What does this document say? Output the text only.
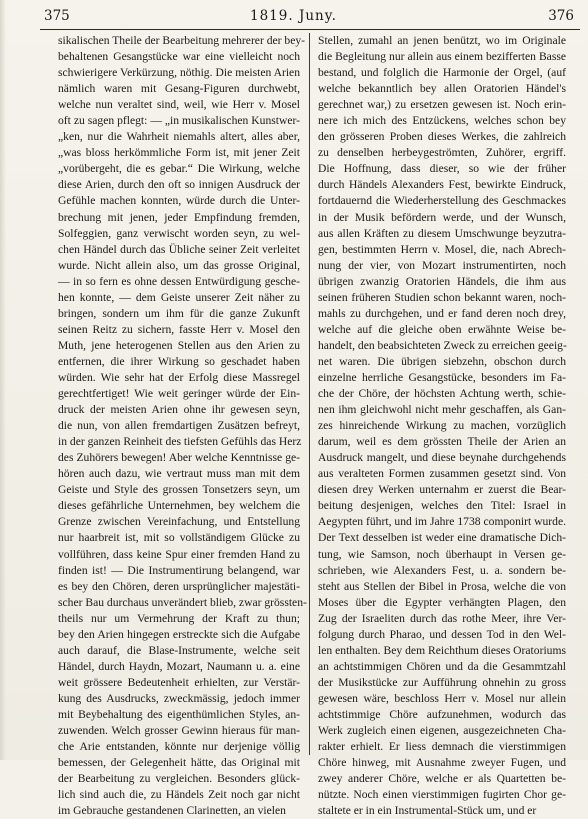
375	1819. Juny.	376
sikalischen Theile der Bearbeitung mehrerer der bey-
behaltenen Gesangstücke war eine vielleicht noch
schwierigere Verkürzung, nöthig. Die meisten Arien
nämlich waren mit Gesang-Figuren durchwebt,
welche nun veraltet sind, weil, wie Herr v. Mosel
oft zu sagen pflegt: — „in musikalischen Kunstwer-
„ken, nur die Wahrheit niemahls altert, alles aber,
„was bloss herkömmliche Form ist, mit jener Zeit
„vorübergeht, die es gebar.“ Die Wirkung, welche
diese Arien, durch den oft so innigen Ausdruck der
Gefühle machen konnten, würde durch die Unter-
brechung mit jenen, jeder Empfindung fremden,
Solfeggien, ganz verwischt worden seyn, zu wel-
chen Händel durch das Übliche seiner Zeit verleitet
wurde. Nicht allein also, um das grosse Original,
— in so fern es ohne dessen Entwürdigung gesche-
hen konnte, — dem Geiste unserer Zeit näher zu
bringen, sondern um ihm für die ganze Zukunft
seinen Reitz zu sichern, fasste Herr v. Mosel den
Muth, jene heterogenen Stellen aus den Arien zu
entfernen, die ihrer Wirkung so geschadet haben
würden. Wie sehr hat der Erfolg diese Massregel
gerechtfertiget! Wie weit geringer würde der Ein-
druck der meisten Arien ohne ihr gewesen seyn,
die nun, von allen fremdartigen Zusätzen befreyt,
in der ganzen Reinheit des tiefsten Gefühls das Herz
des Zuhörers bewegen! Aber welche Kenntnisse ge-
hören auch dazu, wie vertraut muss man mit dem
Geiste und Style des grossen Tonsetzers seyn, um
dieses gefährliche Unternehmen, bey welchem die
Grenze zwischen Vereinfachung, und Entstellung
nur haarbreit ist, mit so vollständigem Glücke zu
vollführen, dass keine Spur einer fremden Hand zu
finden ist! — Die Instrumentirung belangend, war
es bey den Chören, deren ursprünglicher majestäti-
scher Bau durchaus unverändert blieb, zwar grössten-
theils nur um Vermehrung der Kraft zu thun;
bey den Arien hingegen erstreckte sich die Aufgabe
auch darauf, die Blase-Instrumente, welche seit
Händel, durch Haydn, Mozart, Naumann u. a. eine
weit grössere Bedeutenheit erhielten, zur Verstär-
kung des Ausdrucks, zweckmässig, jedoch immer
mit Beybehaltung des eigenthümlichen Styles, an-
zuwenden. Welch grosser Gewinn hieraus für man-
che Arie entstanden, könnte nur derjenige völlig
bemessen, der Gelegenheit hätte, das Original mit
der Bearbeitung zu vergleichen. Besonders glück-
lich sind auch die, zu Händels Zeit noch gar nicht
im Gebrauche gestandenen Clarinetten, an vielen
Stellen, zumahl an jenen benützt, wo im Originale
die Begleitung nur allein aus einem bezifferten Basse
bestand, und folglich die Harmonie der Orgel, (auf
welche bekanntlich bey allen Oratorien Händel's
gerechnet war,) zu ersetzen gewesen ist. Noch erin-
nere ich mich des Entzückens, welches schon bey
den grösseren Proben dieses Werkes, die zahlreich
zu denselben herbeygeströmten, Zuhörer, ergriff.
Die Hoffnung, dass dieser, so wie der früher
durch Händels Alexanders Fest, bewirkte Eindruck,
fortdauernd die Wiederherstellung des Geschmackes
in der Musik befördern werde, und der Wunsch,
aus allen Kräften zu diesem Umschwunge beyzutra-
gen, bestimmten Herrn v. Mosel, die, nach Abrech-
nung der vier, von Mozart instrumentirten, noch
übrigen zwanzig Oratorien Händels, die ihm aus
seinen früheren Studien schon bekannt waren, noch-
mahls zu durchgehen, und er fand deren noch drey,
welche auf die gleiche oben erwähnte Weise be-
handelt, den beabsichteten Zweck zu erreichen geeig-
net waren. Die übrigen siebzehn, obschon durch
einzelne herrliche Gesangstücke, besonders im Fa-
che der Chöre, der höchsten Achtung werth, schie-
nen ihm gleichwohl nicht mehr geschaffen, als Gan-
zes hinreichende Wirkung zu machen, vorzüglich
darum, weil es dem grössten Theile der Arien an
Ausdruck mangelt, und diese beynahe durchgehends
aus veralteten Formen zusammen gesetzt sind. Von
diesen drey Werken unternahm er zuerst die Bear-
beitung desjenigen, welches den Titel: Israel in
Aegypten führt, und im Jahre 1738 componirt wurde.
Der Text desselben ist weder eine dramatische Dich-
tung, wie Samson, noch überhaupt in Versen ge-
schrieben, wie Alexanders Fest, u. a. sondern be-
steht aus Stellen der Bibel in Prosa, welche die von
Moses über die Egypter verhängten Plagen, den
Zug der Israeliten durch das rothe Meer, ihre Ver-
folgung durch Pharao, und dessen Tod in den Wel-
len enthalten. Bey dem Reichthum dieses Oratoriums
an achtstimmigen Chören und da die Gesammtzahl
der Musikstücke zur Aufführung ohnehin zu gross
gewesen wäre, beschloss Herr v. Mosel nur allein
achtstimmige Chöre aufzunehmen, wodurch das
Werk zugleich einen eigenen, ausgezeichneten Cha-
rakter erhielt. Er liess demnach die vierstimmigen
Chöre hinweg, mit Ausnahme zweyer Fugen, und
zwey anderer Chöre, welche er als Quartetten be-
nützte. Noch einen vierstimmigen fugirten Chor ge-
staltete er in ein Instrumental-Stück um, und er
